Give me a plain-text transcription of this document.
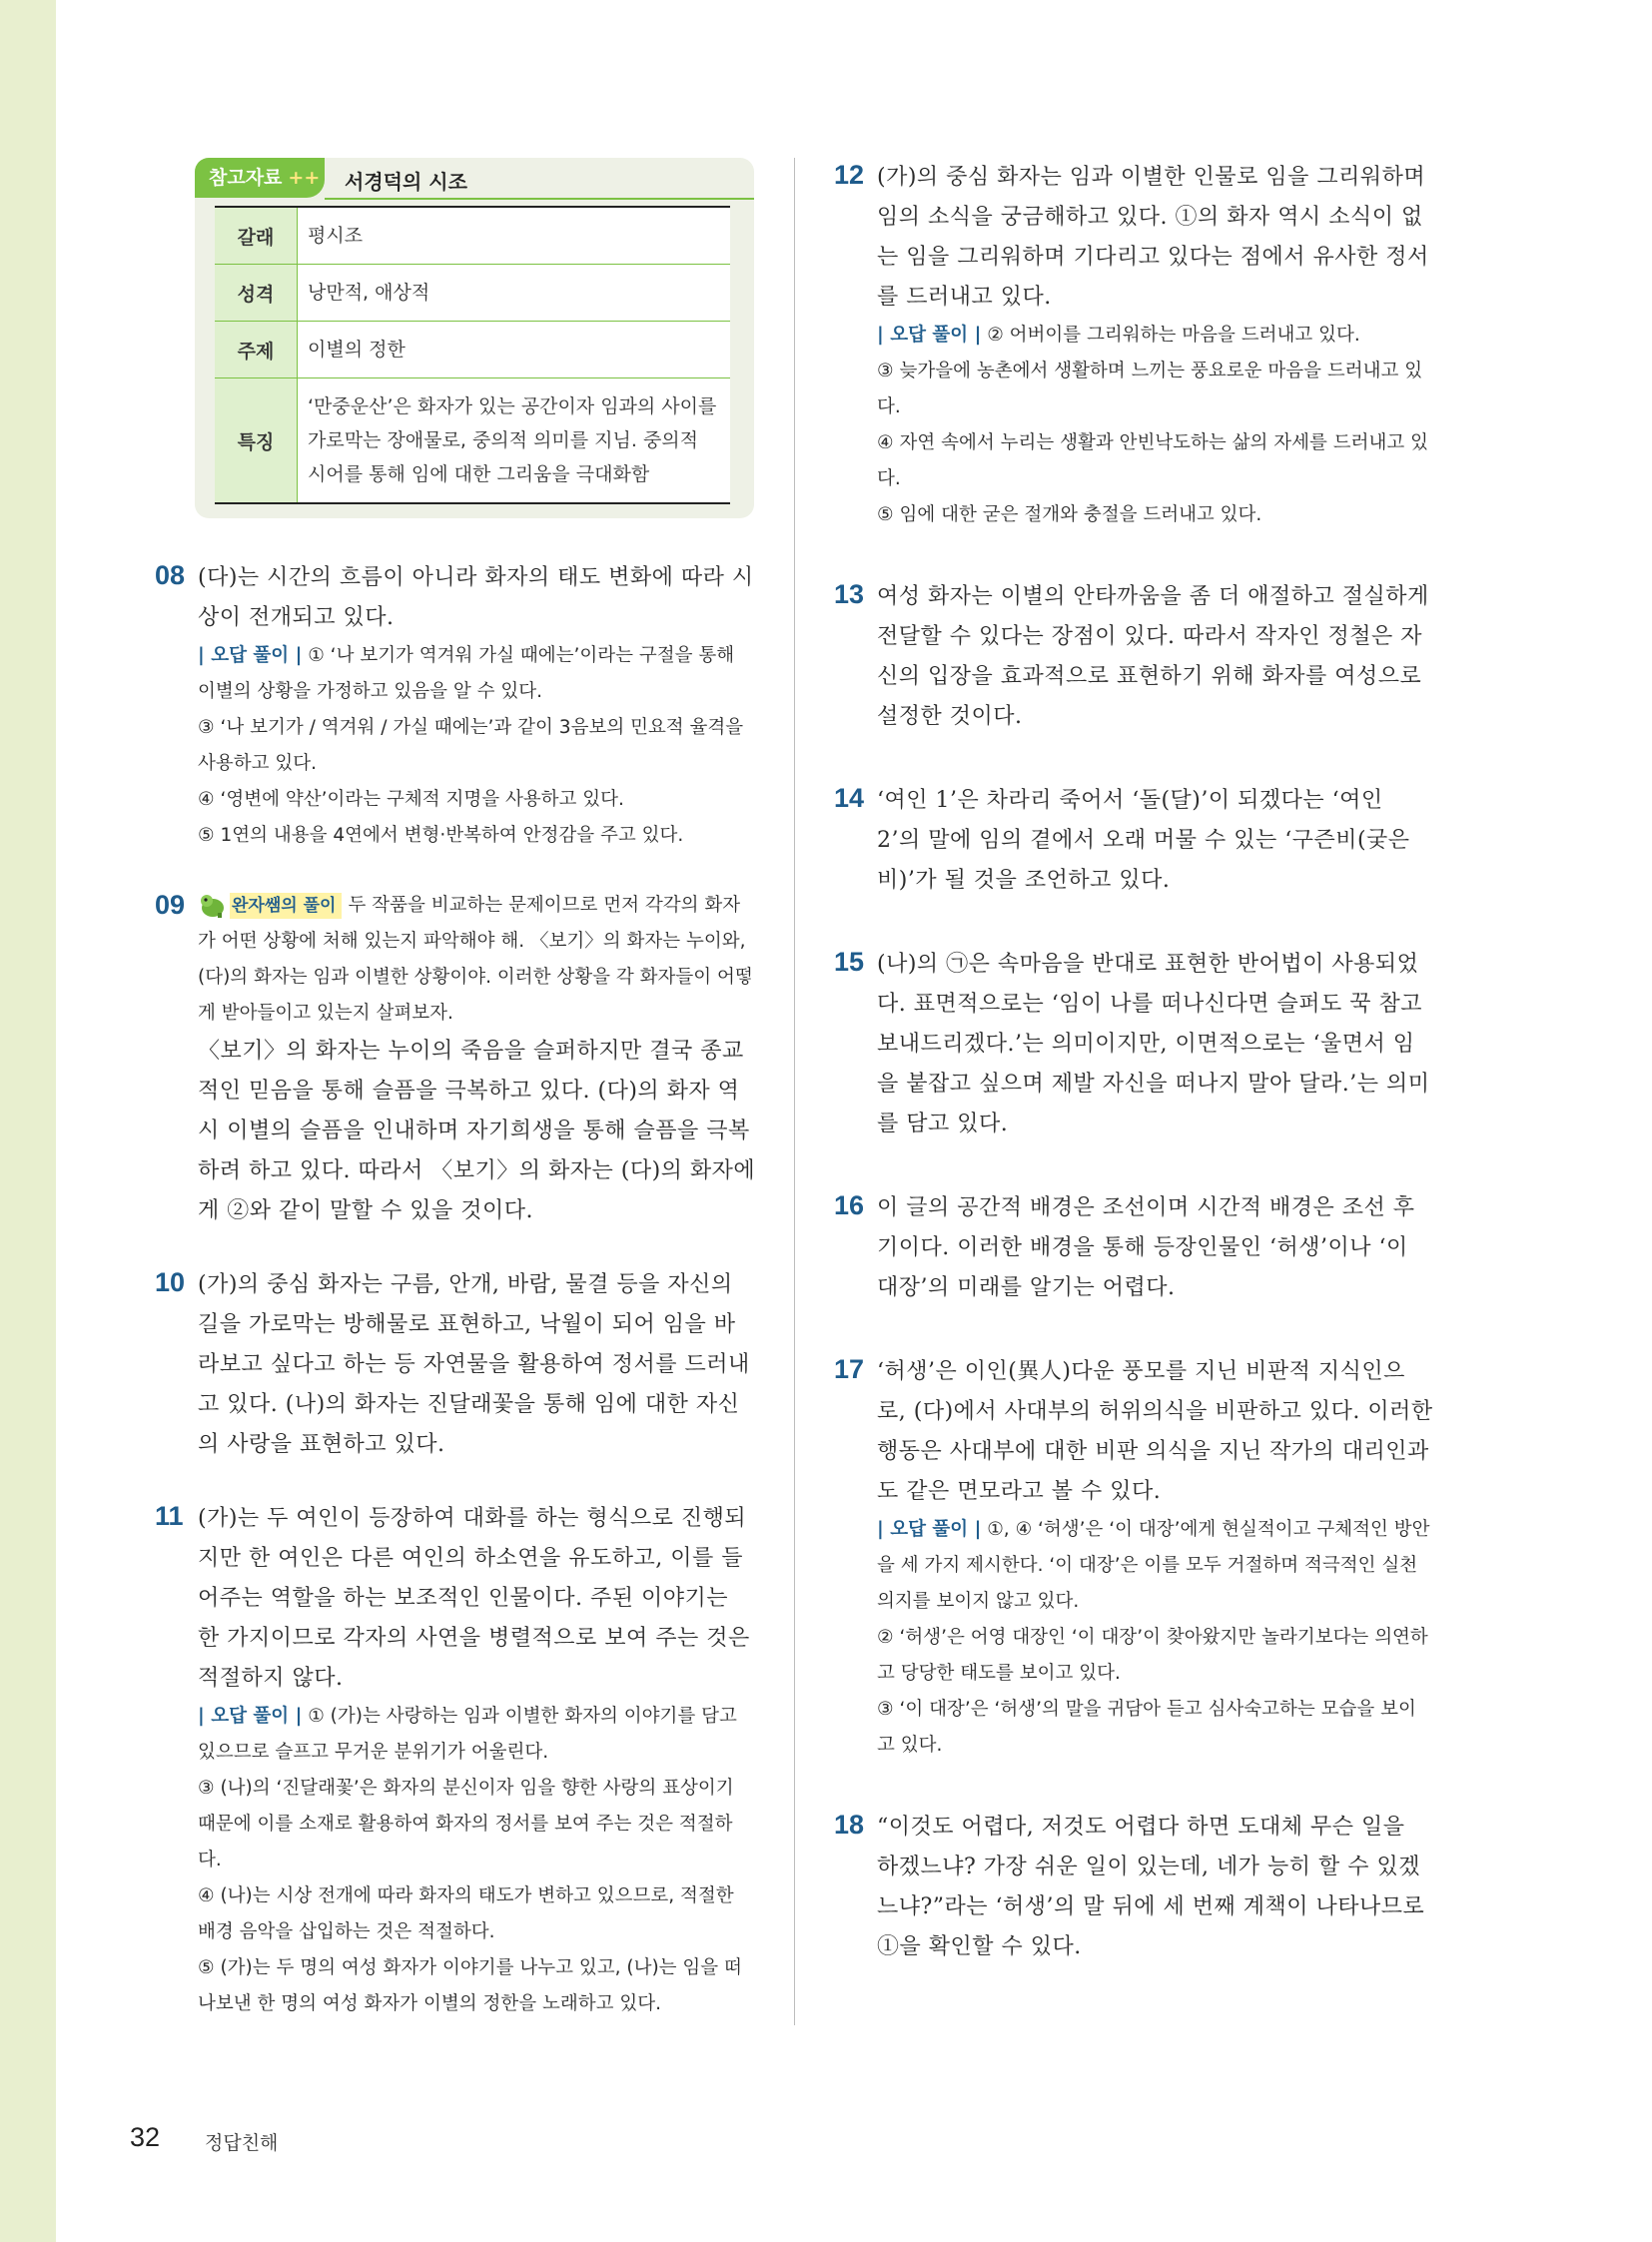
참고자료 ++ 서경덕의 시조
갈래	평시조
성격	낭만적, 애상적
주제	이별의 정한
특징	‘만중운산’은 화자가 있는 공간이자 임과의 사이를 가로막는 장애물로, 중의적 의미를 지님. 중의적 시어를 통해 임에 대한 그리움을 극대화함
08 (다)는 시간의 흐름이 아니라 화자의 태도 변화에 따라 시상이 전개되고 있다.
| 오답 풀이 | ① ‘나 보기가 역겨워 가실 때에는’이라는 구절을 통해 이별의 상황을 가정하고 있음을 알 수 있다.
③ ‘나 보기가 / 역겨워 / 가실 때에는’과 같이 3음보의 민요적 율격을 사용하고 있다.
④ ‘영변에 약산’이라는 구체적 지명을 사용하고 있다.
⑤ 1연의 내용을 4연에서 변형·반복하여 안정감을 주고 있다.
09	완자쌤의 풀이 두 작품을 비교하는 문제이므로 먼저 각각의 화자가 어떤 상황에 처해 있는지 파악해야 해. 〈보기〉의 화자는 누이와, (다)의 화자는 임과 이별한 상황이야. 이러한 상황을 각 화자들이 어떻게 받아들이고 있는지 살펴보자.
〈보기〉의 화자는 누이의 죽음을 슬퍼하지만 결국 종교적인 믿음을 통해 슬픔을 극복하고 있다. (다)의 화자 역시 이별의 슬픔을 인내하며 자기희생을 통해 슬픔을 극복하려 하고 있다. 따라서 〈보기〉의 화자는 (다)의 화자에게 ②와 같이 말할 수 있을 것이다.
10 (가)의 중심 화자는 구름, 안개, 바람, 물결 등을 자신의 길을 가로막는 방해물로 표현하고, 낙월이 되어 임을 바라보고 싶다고 하는 등 자연물을 활용하여 정서를 드러내고 있다. (나)의 화자는 진달래꽃을 통해 임에 대한 자신의 사랑을 표현하고 있다.
11 (가)는 두 여인이 등장하여 대화를 하는 형식으로 진행되지만 한 여인은 다른 여인의 하소연을 유도하고, 이를 들어주는 역할을 하는 보조적인 인물이다. 주된 이야기는 한 가지이므로 각자의 사연을 병렬적으로 보여 주는 것은 적절하지 않다.
| 오답 풀이 | ① (가)는 사랑하는 임과 이별한 화자의 이야기를 담고 있으므로 슬프고 무거운 분위기가 어울린다.
③ (나)의 ‘진달래꽃’은 화자의 분신이자 임을 향한 사랑의 표상이기 때문에 이를 소재로 활용하여 화자의 정서를 보여 주는 것은 적절하다.
④ (나)는 시상 전개에 따라 화자의 태도가 변하고 있으므로, 적절한 배경 음악을 삽입하는 것은 적절하다.
⑤ (가)는 두 명의 여성 화자가 이야기를 나누고 있고, (나)는 임을 떠나보낸 한 명의 여성 화자가 이별의 정한을 노래하고 있다.
12 (가)의 중심 화자는 임과 이별한 인물로 임을 그리워하며 임의 소식을 궁금해하고 있다. ①의 화자 역시 소식이 없는 임을 그리워하며 기다리고 있다는 점에서 유사한 정서를 드러내고 있다.
| 오답 풀이 | ② 어버이를 그리워하는 마음을 드러내고 있다.
③ 늦가을에 농촌에서 생활하며 느끼는 풍요로운 마음을 드러내고 있다.
④ 자연 속에서 누리는 생활과 안빈낙도하는 삶의 자세를 드러내고 있다.
⑤ 임에 대한 굳은 절개와 충절을 드러내고 있다.
13 여성 화자는 이별의 안타까움을 좀 더 애절하고 절실하게 전달할 수 있다는 장점이 있다. 따라서 작자인 정철은 자신의 입장을 효과적으로 표현하기 위해 화자를 여성으로 설정한 것이다.
14 ‘여인 1’은 차라리 죽어서 ‘돌(달)’이 되겠다는 ‘여인 2’의 말에 임의 곁에서 오래 머물 수 있는 ‘구즌비(궂은비)’가 될 것을 조언하고 있다.
15 (나)의 ㉠은 속마음을 반대로 표현한 반어법이 사용되었다. 표면적으로는 ‘임이 나를 떠나신다면 슬퍼도 꾹 참고 보내드리겠다.’는 의미이지만, 이면적으로는 ‘울면서 임을 붙잡고 싶으며 제발 자신을 떠나지 말아 달라.’는 의미를 담고 있다.
16 이 글의 공간적 배경은 조선이며 시간적 배경은 조선 후기이다. 이러한 배경을 통해 등장인물인 ‘허생’이나 ‘이 대장’의 미래를 알기는 어렵다.
17 ‘허생’은 이인(異人)다운 풍모를 지닌 비판적 지식인으로, (다)에서 사대부의 허위의식을 비판하고 있다. 이러한 행동은 사대부에 대한 비판 의식을 지닌 작가의 대리인과도 같은 면모라고 볼 수 있다.
| 오답 풀이 | ①, ④ ‘허생’은 ‘이 대장’에게 현실적이고 구체적인 방안을 세 가지 제시한다. ‘이 대장’은 이를 모두 거절하며 적극적인 실천 의지를 보이지 않고 있다.
② ‘허생’은 어영 대장인 ‘이 대장’이 찾아왔지만 놀라기보다는 의연하고 당당한 태도를 보이고 있다.
③ ‘이 대장’은 ‘허생’의 말을 귀담아 듣고 심사숙고하는 모습을 보이고 있다.
18 “이것도 어렵다, 저것도 어렵다 하면 도대체 무슨 일을 하겠느냐? 가장 쉬운 일이 있는데, 네가 능히 할 수 있겠느냐?”라는 ‘허생’의 말 뒤에 세 번째 계책이 나타나므로 ①을 확인할 수 있다.
32 정답친해
